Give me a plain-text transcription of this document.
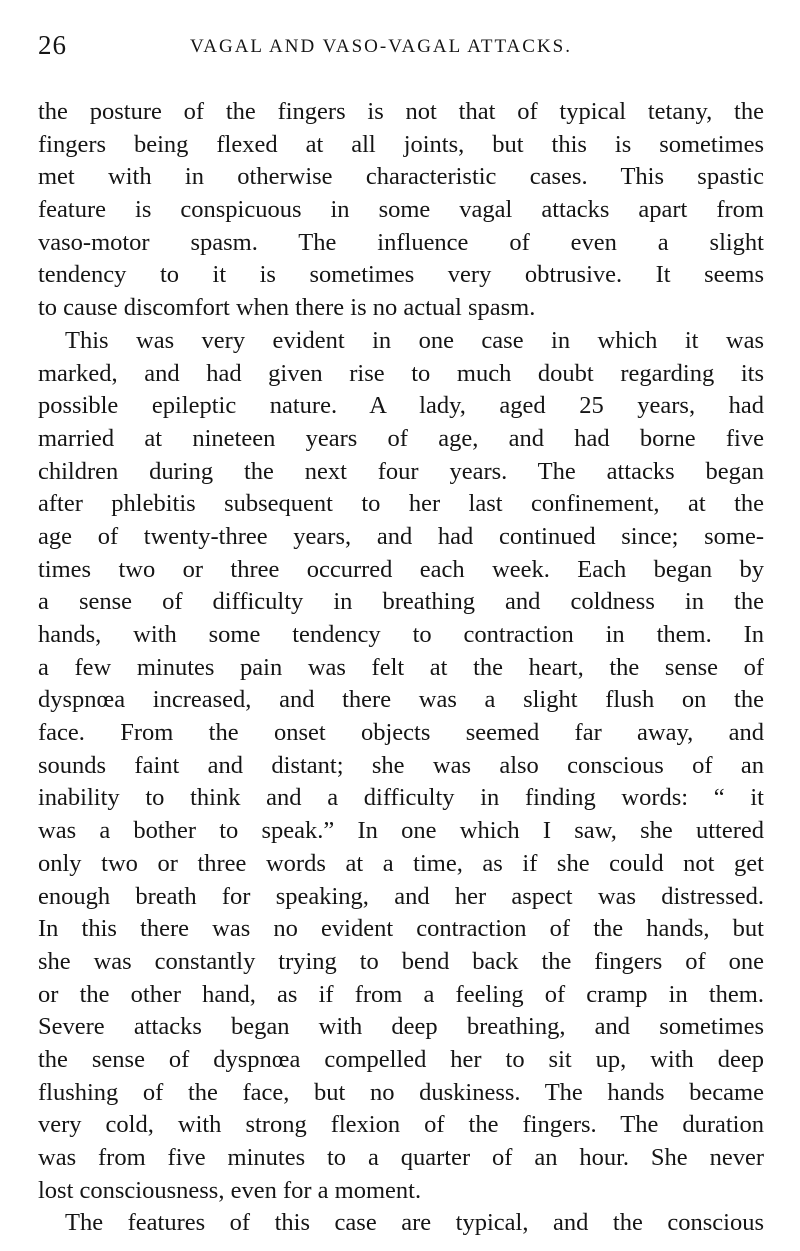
26	VAGAL AND VASO-VAGAL ATTACKS.
the posture of the fingers is not that of typical tetany, the
fingers being flexed at all joints, but this is sometimes
met with in otherwise characteristic cases. This spastic
feature is conspicuous in some vagal attacks apart from
vaso-motor spasm. The influence of even a slight
tendency to it is sometimes very obtrusive. It seems
to cause discomfort when there is no actual spasm.
This was very evident in one case in which it was
marked, and had given rise to much doubt regarding its
possible epileptic nature. A lady, aged 25 years, had
married at nineteen years of age, and had borne five
children during the next four years. The attacks began
after phlebitis subsequent to her last confinement, at the
age of twenty-three years, and had continued since; some-
times two or three occurred each week. Each began by
a sense of difficulty in breathing and coldness in the
hands, with some tendency to contraction in them. In
a few minutes pain was felt at the heart, the sense of
dyspnœa increased, and there was a slight flush on the
face. From the onset objects seemed far away, and
sounds faint and distant; she was also conscious of an
inability to think and a difficulty in finding words: “ it
was a bother to speak.” In one which I saw, she uttered
only two or three words at a time, as if she could not get
enough breath for speaking, and her aspect was distressed.
In this there was no evident contraction of the hands, but
she was constantly trying to bend back the fingers of one
or the other hand, as if from a feeling of cramp in them.
Severe attacks began with deep breathing, and sometimes
the sense of dyspnœa compelled her to sit up, with deep
flushing of the face, but no duskiness. The hands became
very cold, with strong flexion of the fingers. The duration
was from five minutes to a quarter of an hour. She never
lost consciousness, even for a moment.
The features of this case are typical, and the conscious
